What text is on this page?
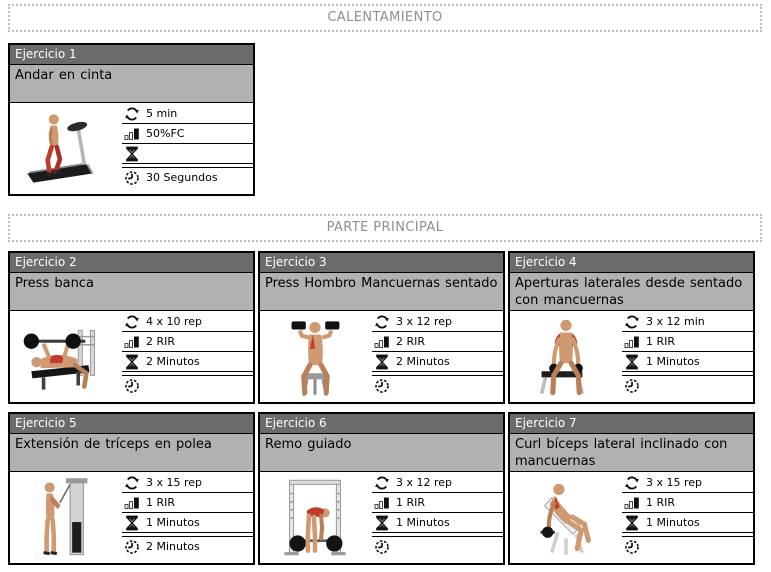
CALENTAMIENTO
Ejercicio 1
Andar en cinta
5 min
50%FC
30 Segundos
PARTE PRINCIPAL
Ejercicio 2
Press banca
4 x 10 rep
2 RIR
2 Minutos
Ejercicio 3
Press Hombro Mancuernas sentado
3 x 12 rep
2 RIR
2 Minutos
Ejercicio 4
Aperturas laterales desde sentado con mancuernas
3 x 12 min
1 RIR
1 Minutos
Ejercicio 5
Extensión de tríceps en polea
3 x 15 rep
1 RIR
1 Minutos
2 Minutos
Ejercicio 6
Remo guiado
3 x 12 rep
1 RIR
1 Minutos
Ejercicio 7
Curl bíceps lateral inclinado con mancuernas
3 x 15 rep
1 RIR
1 Minutos
